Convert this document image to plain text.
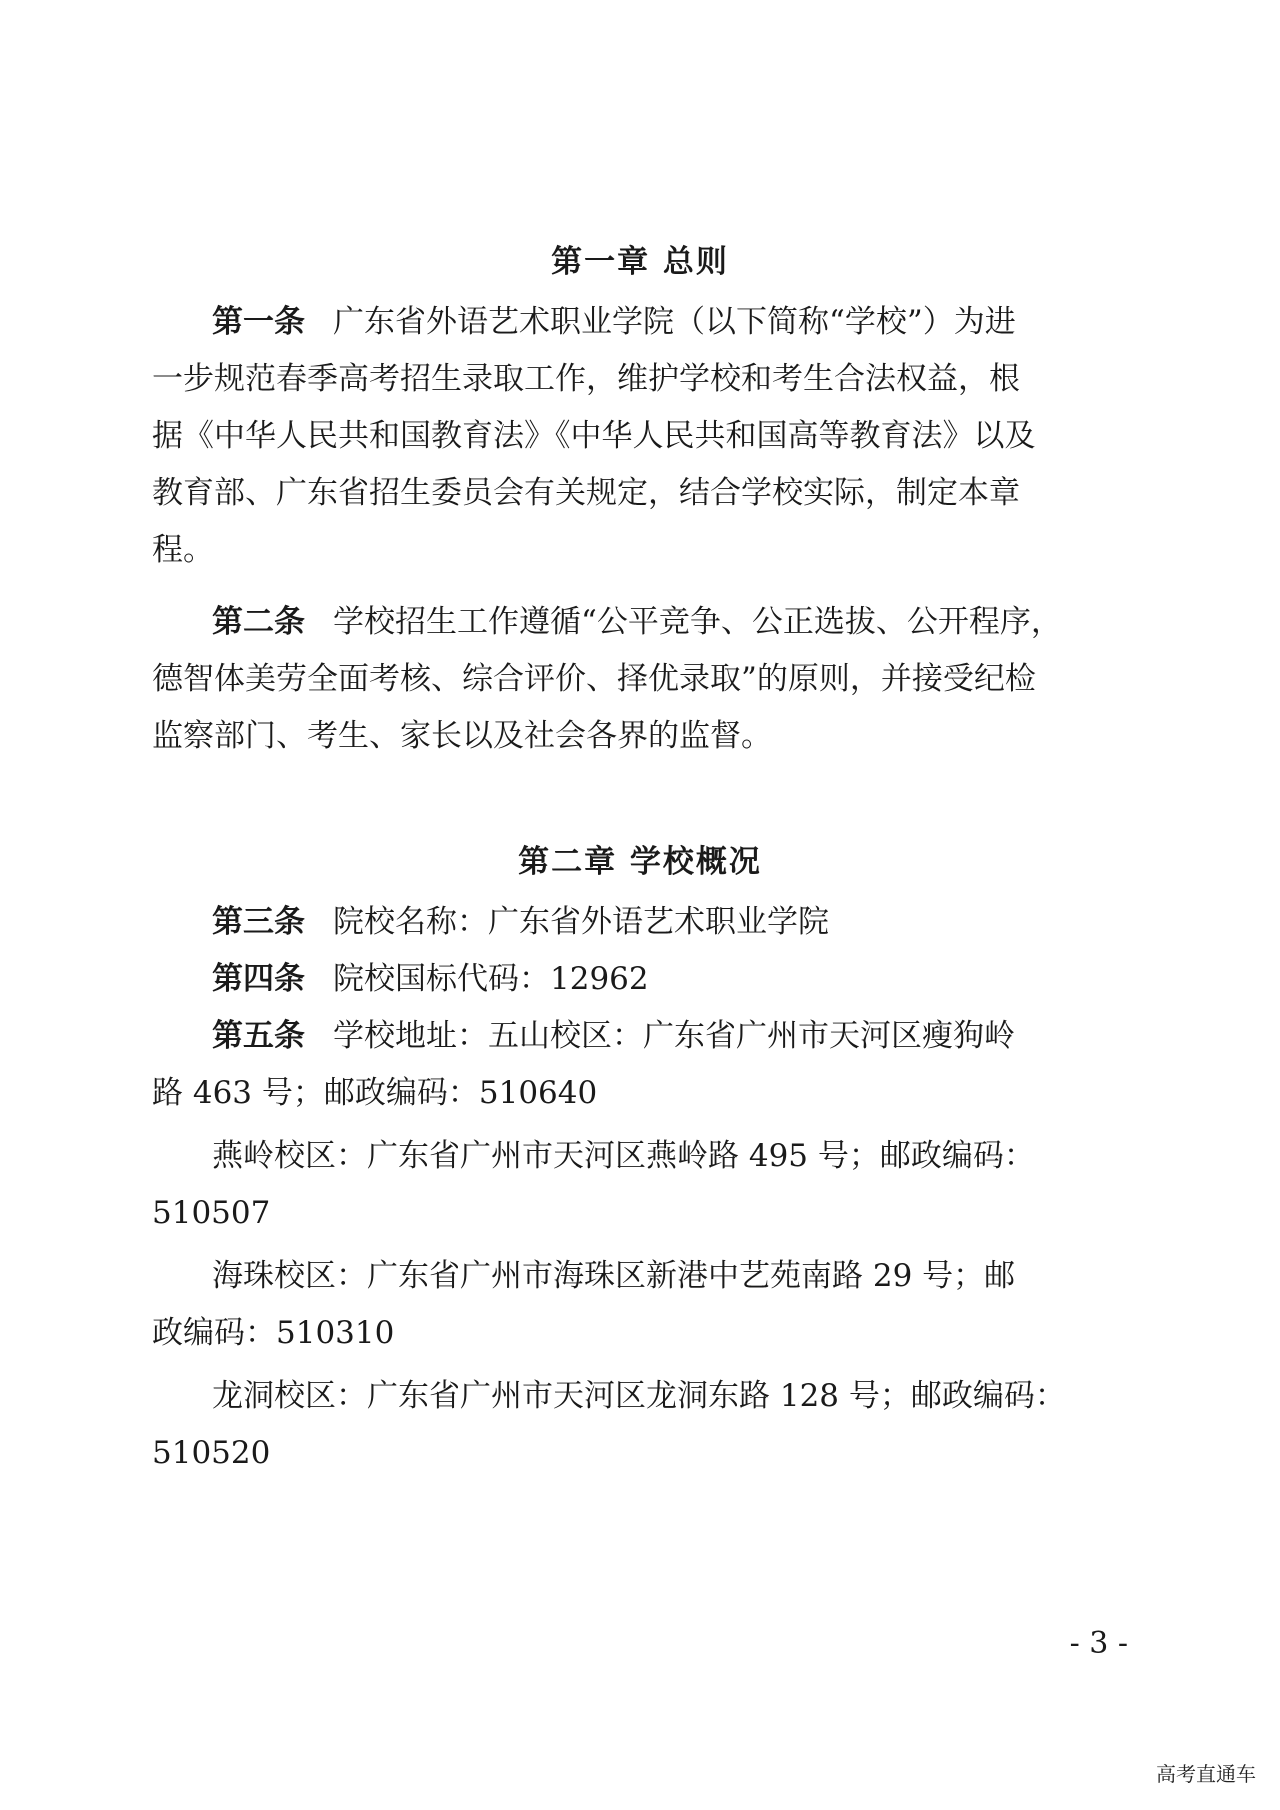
第一章 总则
第一条 广东省外语艺术职业学院（以下简称“学校”）为进
一步规范春季高考招生录取工作，维护学校和考生合法权益，根
据《中华人民共和国教育法》《中华人民共和国高等教育法》以及
教育部、广东省招生委员会有关规定，结合学校实际，制定本章
程。
第二条 学校招生工作遵循“公平竞争、公正选拔、公开程序，
德智体美劳全面考核、综合评价、择优录取”的原则，并接受纪检
监察部门、考生、家长以及社会各界的监督。
第二章 学校概况
第三条 院校名称：广东省外语艺术职业学院
第四条 院校国标代码：12962
第五条 学校地址：五山校区：广东省广州市天河区瘦狗岭
路 463 号；邮政编码：510640
燕岭校区：广东省广州市天河区燕岭路 495 号；邮政编码：
510507
海珠校区：广东省广州市海珠区新港中艺苑南路 29 号；邮
政编码：510310
龙洞校区：广东省广州市天河区龙洞东路 128 号；邮政编码：
510520
- 3 -
高考直通车
